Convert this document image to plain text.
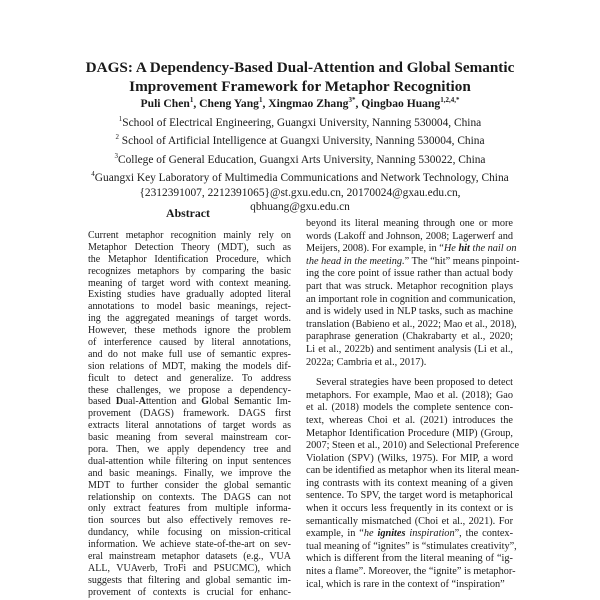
DAGS: A Dependency-Based Dual-Attention and Global Semantic
Improvement Framework for Metaphor Recognition
Puli Chen$^1$, Cheng Yang$^1$, Xingmao Zhang$^{3*}$, Qingbao Huang$^{1,2,4,*}$
$^1$School of Electrical Engineering, Guangxi University, Nanning 530004, China
$^2$ School of Artificial Intelligence at Guangxi University, Nanning 530004, China
$^3$College of General Education, Guangxi Arts University, Nanning 530022, China
$^4$Guangxi Key Laboratory of Multimedia Communications and Network Technology, China
{2312391007, 2212391065}@st.gxu.edu.cn, 20170024@gxau.edu.cn,
qbhuang@gxu.edu.cn
Abstract
Current metaphor recognition mainly rely on
Metaphor Detection Theory (MDT), such as
the Metaphor Identification Procedure, which
recognizes metaphors by comparing the basic
meaning of target word with context meaning.
Existing studies have gradually adopted literal
annotations to model basic meanings, reject-
ing the aggregated meanings of target words.
However, these methods ignore the problem
of interference caused by literal annotations,
and do not make full use of semantic expres-
sion relations of MDT, making the models dif-
ficult to detect and generalize. To address
these challenges, we propose a dependency-
based Dual-Attention and Global Semantic Im-
provement (DAGS) framework. DAGS first
extracts literal annotations of target words as
basic meaning from several mainstream cor-
pora. Then, we apply dependency tree and
dual-attention while filtering on input sentences
and basic meanings. Finally, we improve the
MDT to further consider the global semantic
relationship on contexts. The DAGS can not
only extract features from multiple informa-
tion sources but also effectively removes re-
dundancy, while focusing on mission-critical
information. We achieve state-of-the-art on sev-
eral mainstream metaphor datasets (e.g., VUA
ALL, VUAverb, TroFi and PSUCMC), which
suggests that filtering and global semantic im-
provement of contexts is crucial for enhanc-
beyond its literal meaning through one or more
words (Lakoff and Johnson, 2008; Lagerwerf and
Meijers, 2008). For example, in “He hit the nail on
the head in the meeting.” The “hit” means pinpoint-
ing the core point of issue rather than actual body
part that was struck. Metaphor recognition plays
an important role in cognition and communication,
and is widely used in NLP tasks, such as machine
translation (Babieno et al., 2022; Mao et al., 2018),
paraphrase generation (Chakrabarty et al., 2020;
Li et al., 2022b) and sentiment analysis (Li et al.,
2022a; Cambria et al., 2017).
Several strategies have been proposed to detect
metaphors. For example, Mao et al. (2018); Gao
et al. (2018) models the complete sentence con-
text, whereas Choi et al. (2021) introduces the
Metaphor Identification Procedure (MIP) (Group,
2007; Steen et al., 2010) and Selectional Preference
Violation (SPV) (Wilks, 1975). For MIP, a word
can be identified as metaphor when its literal mean-
ing contrasts with its context meaning of a given
sentence. To SPV, the target word is metaphorical
when it occurs less frequently in its context or is
semantically mismatched (Choi et al., 2021). For
example, in “he ignites inspiration”, the contex-
tual meaning of “ignites” is “stimulates creativity”,
which is different from the literal meaning of “ig-
nites a flame”. Moreover, the “ignite” is metaphor-
ical, which is rare in the context of “inspiration”
